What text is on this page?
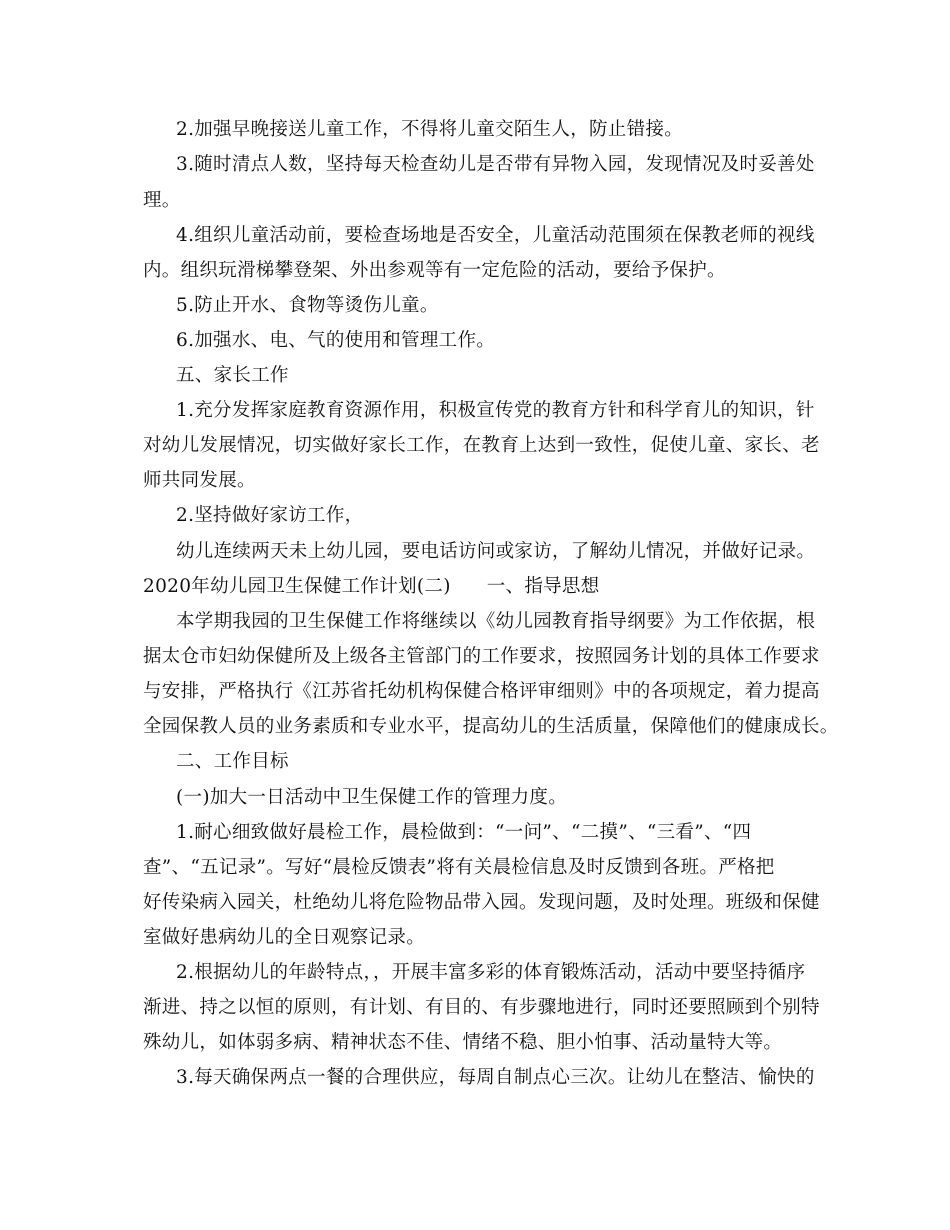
2.加强早晚接送儿童工作，不得将儿童交陌生人，防止错接。
3.随时清点人数，坚持每天检查幼儿是否带有异物入园，发现情况及时妥善处
理。
4.组织儿童活动前，要检查场地是否安全，儿童活动范围须在保教老师的视线
内。组织玩滑梯攀登架、外出参观等有一定危险的活动，要给予保护。
5.防止开水、食物等烫伤儿童。
6.加强水、电、气的使用和管理工作。
五、家长工作
1.充分发挥家庭教育资源作用，积极宣传党的教育方针和科学育儿的知识，针
对幼儿发展情况，切实做好家长工作，在教育上达到一致性，促使儿童、家长、老
师共同发展。
2.坚持做好家访工作，
幼儿连续两天未上幼儿园，要电话访问或家访，了解幼儿情况，并做好记录。
2020年幼儿园卫生保健工作计划(二) 一、指导思想
本学期我园的卫生保健工作将继续以《幼儿园教育指导纲要》为工作依据，根
据太仓市妇幼保健所及上级各主管部门的工作要求，按照园务计划的具体工作要求
与安排，严格执行《江苏省托幼机构保健合格评审细则》中的各项规定，着力提高
全园保教人员的业务素质和专业水平，提高幼儿的生活质量，保障他们的健康成长。
二、工作目标
(一)加大一日活动中卫生保健工作的管理力度。
1.耐心细致做好晨检工作，晨检做到：“一问”、“二摸”、“三看”、“四
查”、“五记录”。写好“晨检反馈表”将有关晨检信息及时反馈到各班。严格把
好传染病入园关，杜绝幼儿将危险物品带入园。发现问题，及时处理。班级和保健
室做好患病幼儿的全日观察记录。
2.根据幼儿的年龄特点，，开展丰富多彩的体育锻炼活动，活动中要坚持循序
渐进、持之以恒的原则，有计划、有目的、有步骤地进行，同时还要照顾到个别特
殊幼儿，如体弱多病、精神状态不佳、情绪不稳、胆小怕事、活动量特大等。
3.每天确保两点一餐的合理供应，每周自制点心三次。让幼儿在整洁、愉快的
